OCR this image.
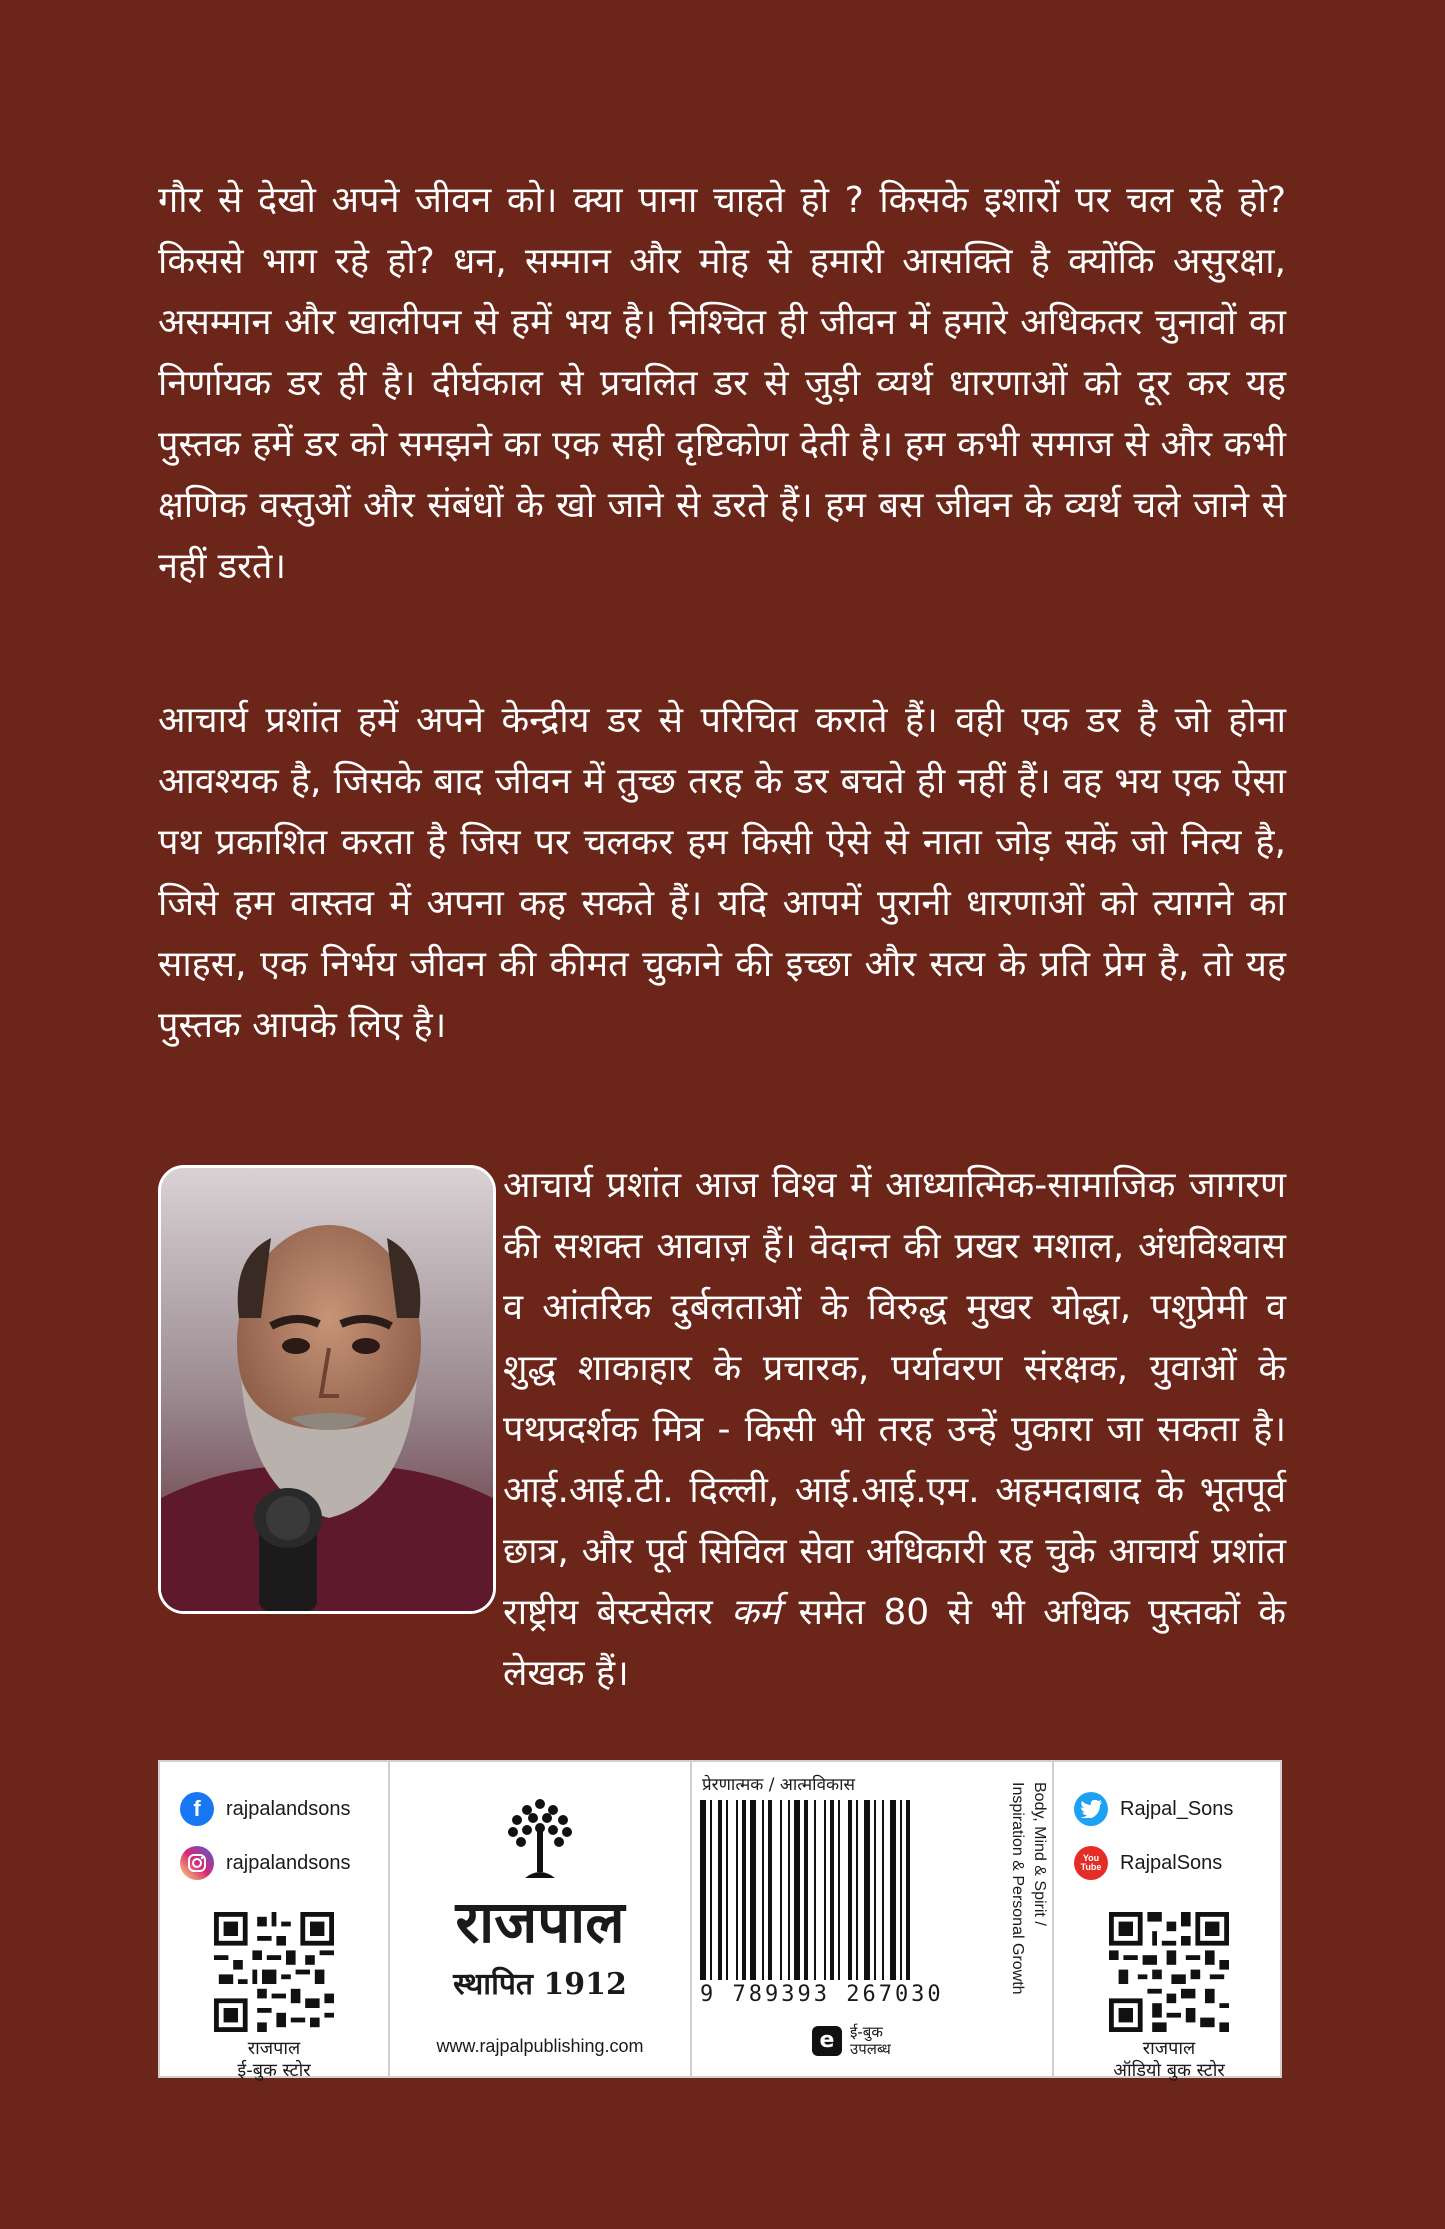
गौर से देखो अपने जीवन को। क्या पाना चाहते हो ? किसके इशारों पर चल रहे हो? किससे भाग रहे हो? धन, सम्मान और मोह से हमारी आसक्ति है क्योंकि असुरक्षा, असम्मान और खालीपन से हमें भय है। निश्चित ही जीवन में हमारे अधिकतर चुनावों का निर्णायक डर ही है। दीर्घकाल से प्रचलित डर से जुड़ी व्यर्थ धारणाओं को दूर कर यह पुस्तक हमें डर को समझने का एक सही दृष्टिकोण देती है। हम कभी समाज से और कभी क्षणिक वस्तुओं और संबंधों के खो जाने से डरते हैं। हम बस जीवन के व्यर्थ चले जाने से नहीं डरते।

आचार्य प्रशांत हमें अपने केन्द्रीय डर से परिचित कराते हैं। वही एक डर है जो होना आवश्यक है, जिसके बाद जीवन में तुच्छ तरह के डर बचते ही नहीं हैं। वह भय एक ऐसा पथ प्रकाशित करता है जिस पर चलकर हम किसी ऐसे से नाता जोड़ सकें जो नित्य है, जिसे हम वास्तव में अपना कह सकते हैं। यदि आपमें पुरानी धारणाओं को त्यागने का साहस, एक निर्भय जीवन की कीमत चुकाने की इच्छा और सत्य के प्रति प्रेम है, तो यह पुस्तक आपके लिए है।

आचार्य प्रशांत आज विश्व में आध्यात्मिक-सामाजिक जागरण की सशक्त आवाज़ हैं। वेदान्त की प्रखर मशाल, अंधविश्वास व आंतरिक दुर्बलताओं के विरुद्ध मुखर योद्धा, पशुप्रेमी व शुद्ध शाकाहार के प्रचारक, पर्यावरण संरक्षक, युवाओं के पथप्रदर्शक मित्र - किसी भी तरह उन्हें पुकारा जा सकता है। आई.आई.टी. दिल्ली, आई.आई.एम. अहमदाबाद के भूतपूर्व छात्र, और पूर्व सिविल सेवा अधिकारी रह चुके आचार्य प्रशांत राष्ट्रीय बेस्टसेलर कर्म समेत 80 से भी अधिक पुस्तकों के लेखक हैं।

f	rajpalandsons
rajpalandsons
राजपाल
ई-बुक स्टोर
राजपाल
स्थापित 1912
www.rajpalpublishing.com
प्रेरणात्मक / आत्मविकास
9 789393 267030
e	ई-बुक
उपलब्ध
Body, Mind & Spirit /
Inspiration & Personal Growth	Rajpal_Sons
You Tube RajpalSons
राजपाल
ऑडियो बुक स्टोर
